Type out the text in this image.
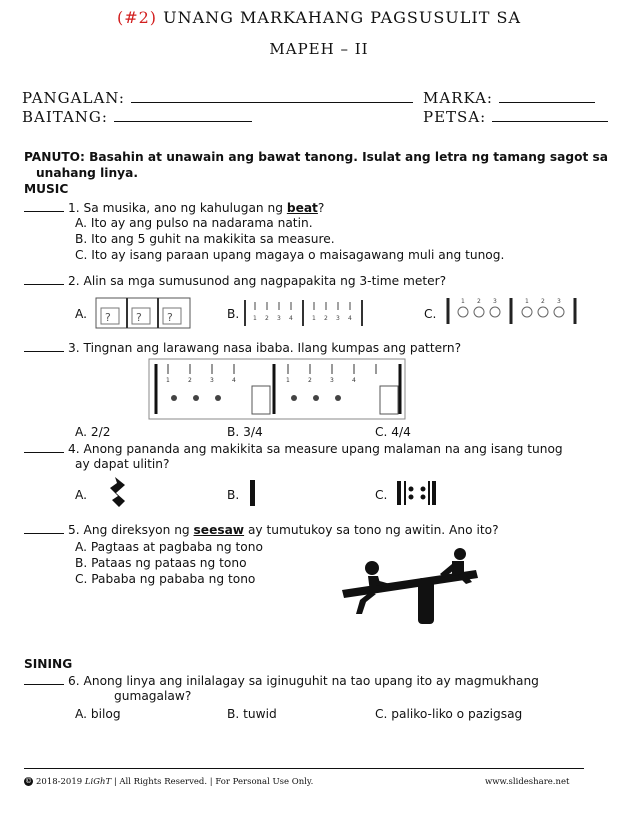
(#2) UNANG MARKAHANG PAGSUSULIT SA
MAPEH – II
PANGALAN:
BAITANG:
MARKA:
PETSA:
PANUTO: Basahin at unawain ang bawat tanong. Isulat ang letra ng tamang sagot sa
unahang linya.
MUSIC
1. Sa musika, ano ng kahulugan ng beat?
A. Ito ay ang pulso na nadarama natin.
B. Ito ang 5 guhit na makikita sa measure.
C. Ito ay isang paraan upang magaya o maisagawang muli ang tunog.
2. Alin sa mga sumusunod ang nagpapakita ng 3-time meter?
A. ? ? ?	B. 1 2 3 4	1 2 3 4	C.
1 2 3	1 2 3
3. Tingnan ang larawang nasa ibaba. Ilang kumpas ang pattern?
1	2	3	4	1	2	3	4
A. 2/2	B. 3/4	C. 4/4
4. Anong pananda ang makikita sa measure upang malaman na ang isang tunog
ay dapat ulitin?
A.	B.	C.
5. Ang direksyon ng seesaw ay tumutukoy sa tono ng awitin. Ano ito?
A. Pagtaas at pagbaba ng tono
B. Pataas ng pataas ng tono
C. Pababa ng pababa ng tono
SINING
6. Anong linya ang inilalagay sa iginuguhit na tao upang ito ay magmukhang
gumagalaw?
A. bilog	B. tuwid	C. paliko-liko o pazigsag
© 2018-2019 LiGhT | All Rights Reserved. | For Personal Use Only.	www.slideshare.net
